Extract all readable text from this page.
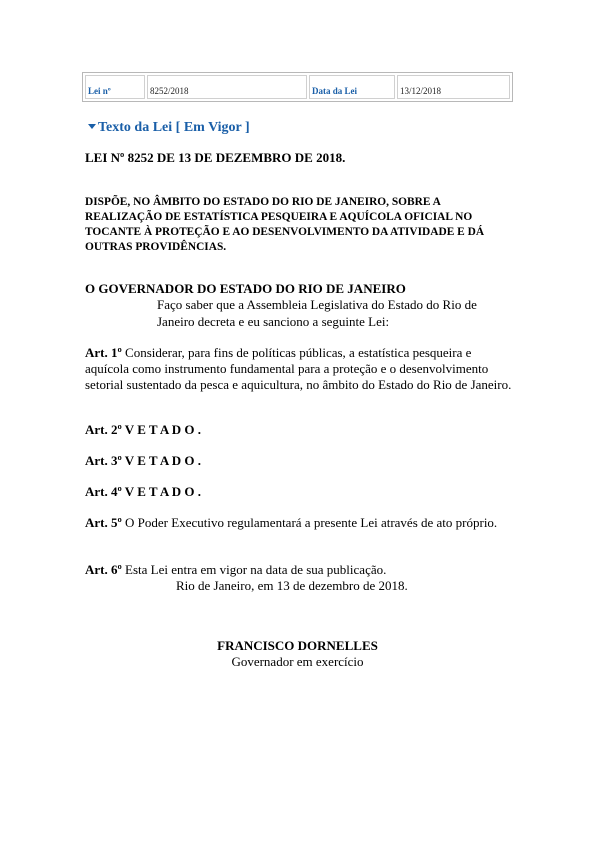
Lei nº	8252/2018	Data da Lei	13/12/2018
Texto da Lei [ Em Vigor ]
LEI Nº 8252 DE 13 DE DEZEMBRO DE 2018.
DISPÕE, NO ÂMBITO DO ESTADO DO RIO DE JANEIRO, SOBRE A REALIZAÇÃO DE ESTATÍSTICA PESQUEIRA E AQUÍCOLA OFICIAL NO TOCANTE À PROTEÇÃO E AO DESENVOLVIMENTO DA ATIVIDADE E DÁ OUTRAS PROVIDÊNCIAS.
O GOVERNADOR DO ESTADO DO RIO DE JANEIRO
Faço saber que a Assembleia Legislativa do Estado do Rio de Janeiro decreta e eu sanciono a seguinte Lei:
Art. 1º Considerar, para fins de políticas públicas, a estatística pesqueira e aquícola como instrumento fundamental para a proteção e o desenvolvimento setorial sustentado da pesca e aquicultura, no âmbito do Estado do Rio de Janeiro.
Art. 2º V E T A D O .
Art. 3º V E T A D O .
Art. 4º V E T A D O .
Art. 5º O Poder Executivo regulamentará a presente Lei através de ato próprio.
Art. 6º Esta Lei entra em vigor na data de sua publicação.
Rio de Janeiro, em 13 de dezembro de 2018.
FRANCISCO DORNELLES
Governador em exercício
